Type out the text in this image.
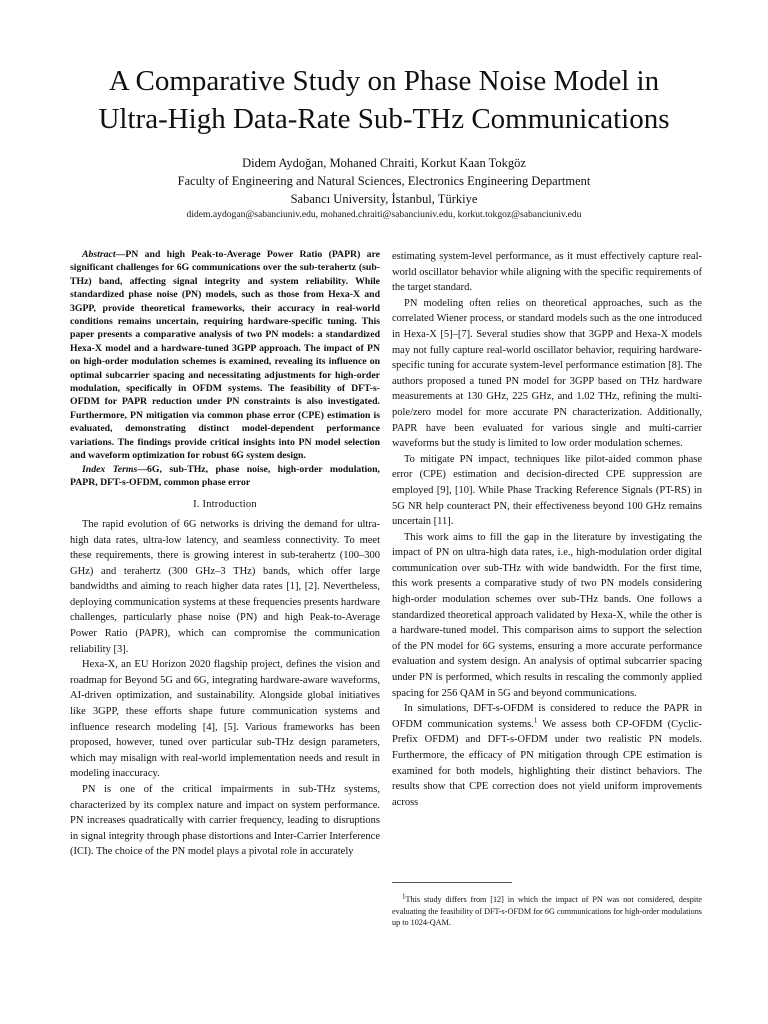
A Comparative Study on Phase Noise Model in
Ultra-High Data-Rate Sub-THz Communications
Didem Aydoğan, Mohaned Chraiti, Korkut Kaan Tokgöz
Faculty of Engineering and Natural Sciences, Electronics Engineering Department
Sabancı University, İstanbul, Türkiye
didem.aydogan@sabanciuniv.edu, mohaned.chraiti@sabanciuniv.edu, korkut.tokgoz@sabanciuniv.edu

Abstract—PN and high Peak-to-Average Power Ratio (PAPR) are significant challenges for 6G communications over the sub-terahertz (sub-THz) band, affecting signal integrity and system reliability. While standardized phase noise (PN) models, such as those from Hexa-X and 3GPP, provide theoretical frameworks, their accuracy in real-world conditions remains uncertain, requiring hardware-specific tuning. This paper presents a comparative analysis of two PN models: a standardized Hexa-X model and a hardware-tuned 3GPP approach. The impact of PN on high-order modulation schemes is examined, revealing its influence on optimal subcarrier spacing and necessitating adjustments for high-order modulation, specifically in OFDM systems. The feasibility of DFT-s-OFDM for PAPR reduction under PN constraints is also investigated. Furthermore, PN mitigation via common phase error (CPE) estimation is evaluated, demonstrating distinct model-dependent performance variations. The findings provide critical insights into PN model selection and waveform optimization for robust 6G system design.

Index Terms—6G, sub-THz, phase noise, high-order modulation, PAPR, DFT-s-OFDM, common phase error

I. Introduction

The rapid evolution of 6G networks is driving the demand for ultra-high data rates, ultra-low latency, and seamless connectivity. To meet these requirements, there is growing interest in sub-terahertz (100–300 GHz) and terahertz (300 GHz–3 THz) bands, which offer large bandwidths and aiming to reach higher data rates [1], [2]. Nevertheless, deploying communication systems at these frequencies presents hardware challenges, particularly phase noise (PN) and high Peak-to-Average Power Ratio (PAPR), which can compromise the communication reliability [3].

Hexa-X, an EU Horizon 2020 flagship project, defines the vision and roadmap for Beyond 5G and 6G, integrating hardware-aware waveforms, AI-driven optimization, and sustainability. Alongside global initiatives like 3GPP, these efforts shape future communication systems and influence research modeling [4], [5]. Various frameworks has been proposed, however, tuned over particular sub-THz design parameters, which may misalign with real-world implementation needs and result in modeling inaccuracy.

PN is one of the critical impairments in sub-THz systems, characterized by its complex nature and impact on system performance. PN increases quadratically with carrier frequency, leading to disruptions in signal integrity through phase distortions and Inter-Carrier Interference (ICI). The choice of the PN model plays a pivotal role in accurately

estimating system-level performance, as it must effectively capture real-world oscillator behavior while aligning with the specific requirements of the target standard.

PN modeling often relies on theoretical approaches, such as the correlated Wiener process, or standard models such as the one introduced in Hexa-X [5]–[7]. Several studies show that 3GPP and Hexa-X models may not fully capture real-world oscillator behavior, requiring hardware-specific tuning for accurate system-level performance estimation [8]. The authors proposed a tuned PN model for 3GPP based on THz hardware measurements at 130 GHz, 225 GHz, and 1.02 THz, refining the multi-pole/zero model for more accurate PN characterization. Additionally, PAPR have been evaluated for various single and multi-carrier waveforms but the study is limited to low order modulation schemes.

To mitigate PN impact, techniques like pilot-aided common phase error (CPE) estimation and decision-directed CPE suppression are employed [9], [10]. While Phase Tracking Reference Signals (PT-RS) in 5G NR help counteract PN, their effectiveness beyond 100 GHz remains uncertain [11].

This work aims to fill the gap in the literature by investigating the impact of PN on ultra-high data rates, i.e., high-modulation order digital communication over sub-THz with wide bandwidth. For the first time, this work presents a comparative study of two PN models considering high-order modulation schemes over sub-THz bands. One follows a standardized theoretical approach validated by Hexa-X, while the other is a hardware-tuned model. This comparison aims to support the selection of the PN model for 6G systems, ensuring a more accurate performance evaluation and system design. An analysis of optimal subcarrier spacing under PN is performed, which results in rescaling the commonly applied spacing for 256 QAM in 5G and beyond communications.

In simulations, DFT-s-OFDM is considered to reduce the PAPR in OFDM communication systems.$^1$ We assess both CP-OFDM (Cyclic-Prefix OFDM) and DFT-s-OFDM under two realistic PN models. Furthermore, the efficacy of PN mitigation through CPE estimation is examined for both models, highlighting their distinct behaviors. The results show that CPE correction does not yield uniform improvements across

$^1$This study differs from [12] in which the impact of PN was not considered, despite evaluating the feasibility of DFT-s-OFDM for 6G communications for high-order modulations up to 1024-QAM.
